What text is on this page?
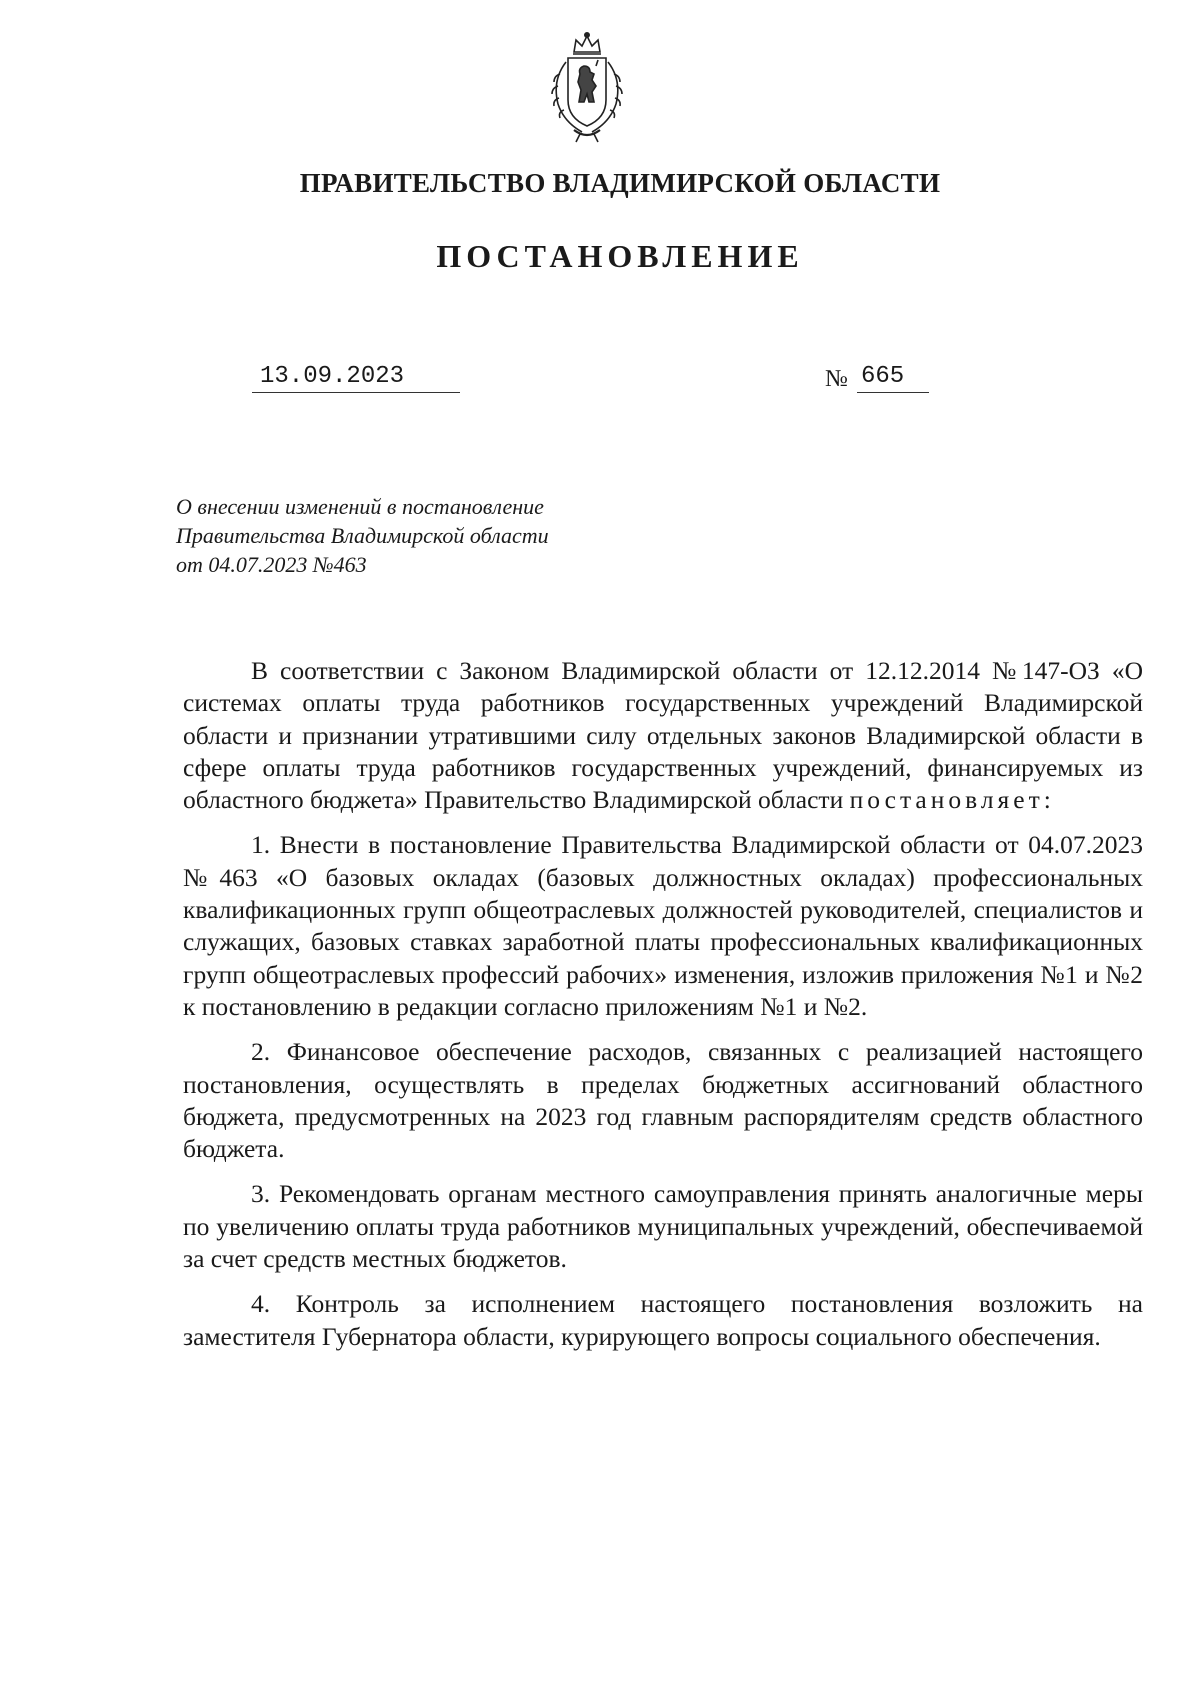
ПРАВИТЕЛЬСТВО ВЛАДИМИРСКОЙ ОБЛАСТИ
ПОСТАНОВЛЕНИЕ
13.09.2023	№ 665
О внесении изменений в постановление
Правительства Владимирской области
от 04.07.2023 №463

В соответствии с Законом Владимирской области от 12.12.2014 №147-ОЗ «О системах оплаты труда работников государственных учреждений Владимирской области и признании утратившими силу отдельных законов Владимирской области в сфере оплаты труда работников государственных учреждений, финансируемых из областного бюджета» Правительство Владимирской области постановляет:

1. Внести в постановление Правительства Владимирской области от 04.07.2023 №463 «О базовых окладах (базовых должностных окладах) профессиональных квалификационных групп общеотраслевых должностей руководителей, специалистов и служащих, базовых ставках заработной платы профессиональных квалификационных групп общеотраслевых профессий рабочих» изменения, изложив приложения №1 и №2 к постановлению в редакции согласно приложениям №1 и №2.

2. Финансовое обеспечение расходов, связанных с реализацией настоящего постановления, осуществлять в пределах бюджетных ассигнований областного бюджета, предусмотренных на 2023 год главным распорядителям средств областного бюджета.

3. Рекомендовать органам местного самоуправления принять аналогичные меры по увеличению оплаты труда работников муниципальных учреждений, обеспечиваемой за счет средств местных бюджетов.

4. Контроль за исполнением настоящего постановления возложить на заместителя Губернатора области, курирующего вопросы социального обеспечения.
